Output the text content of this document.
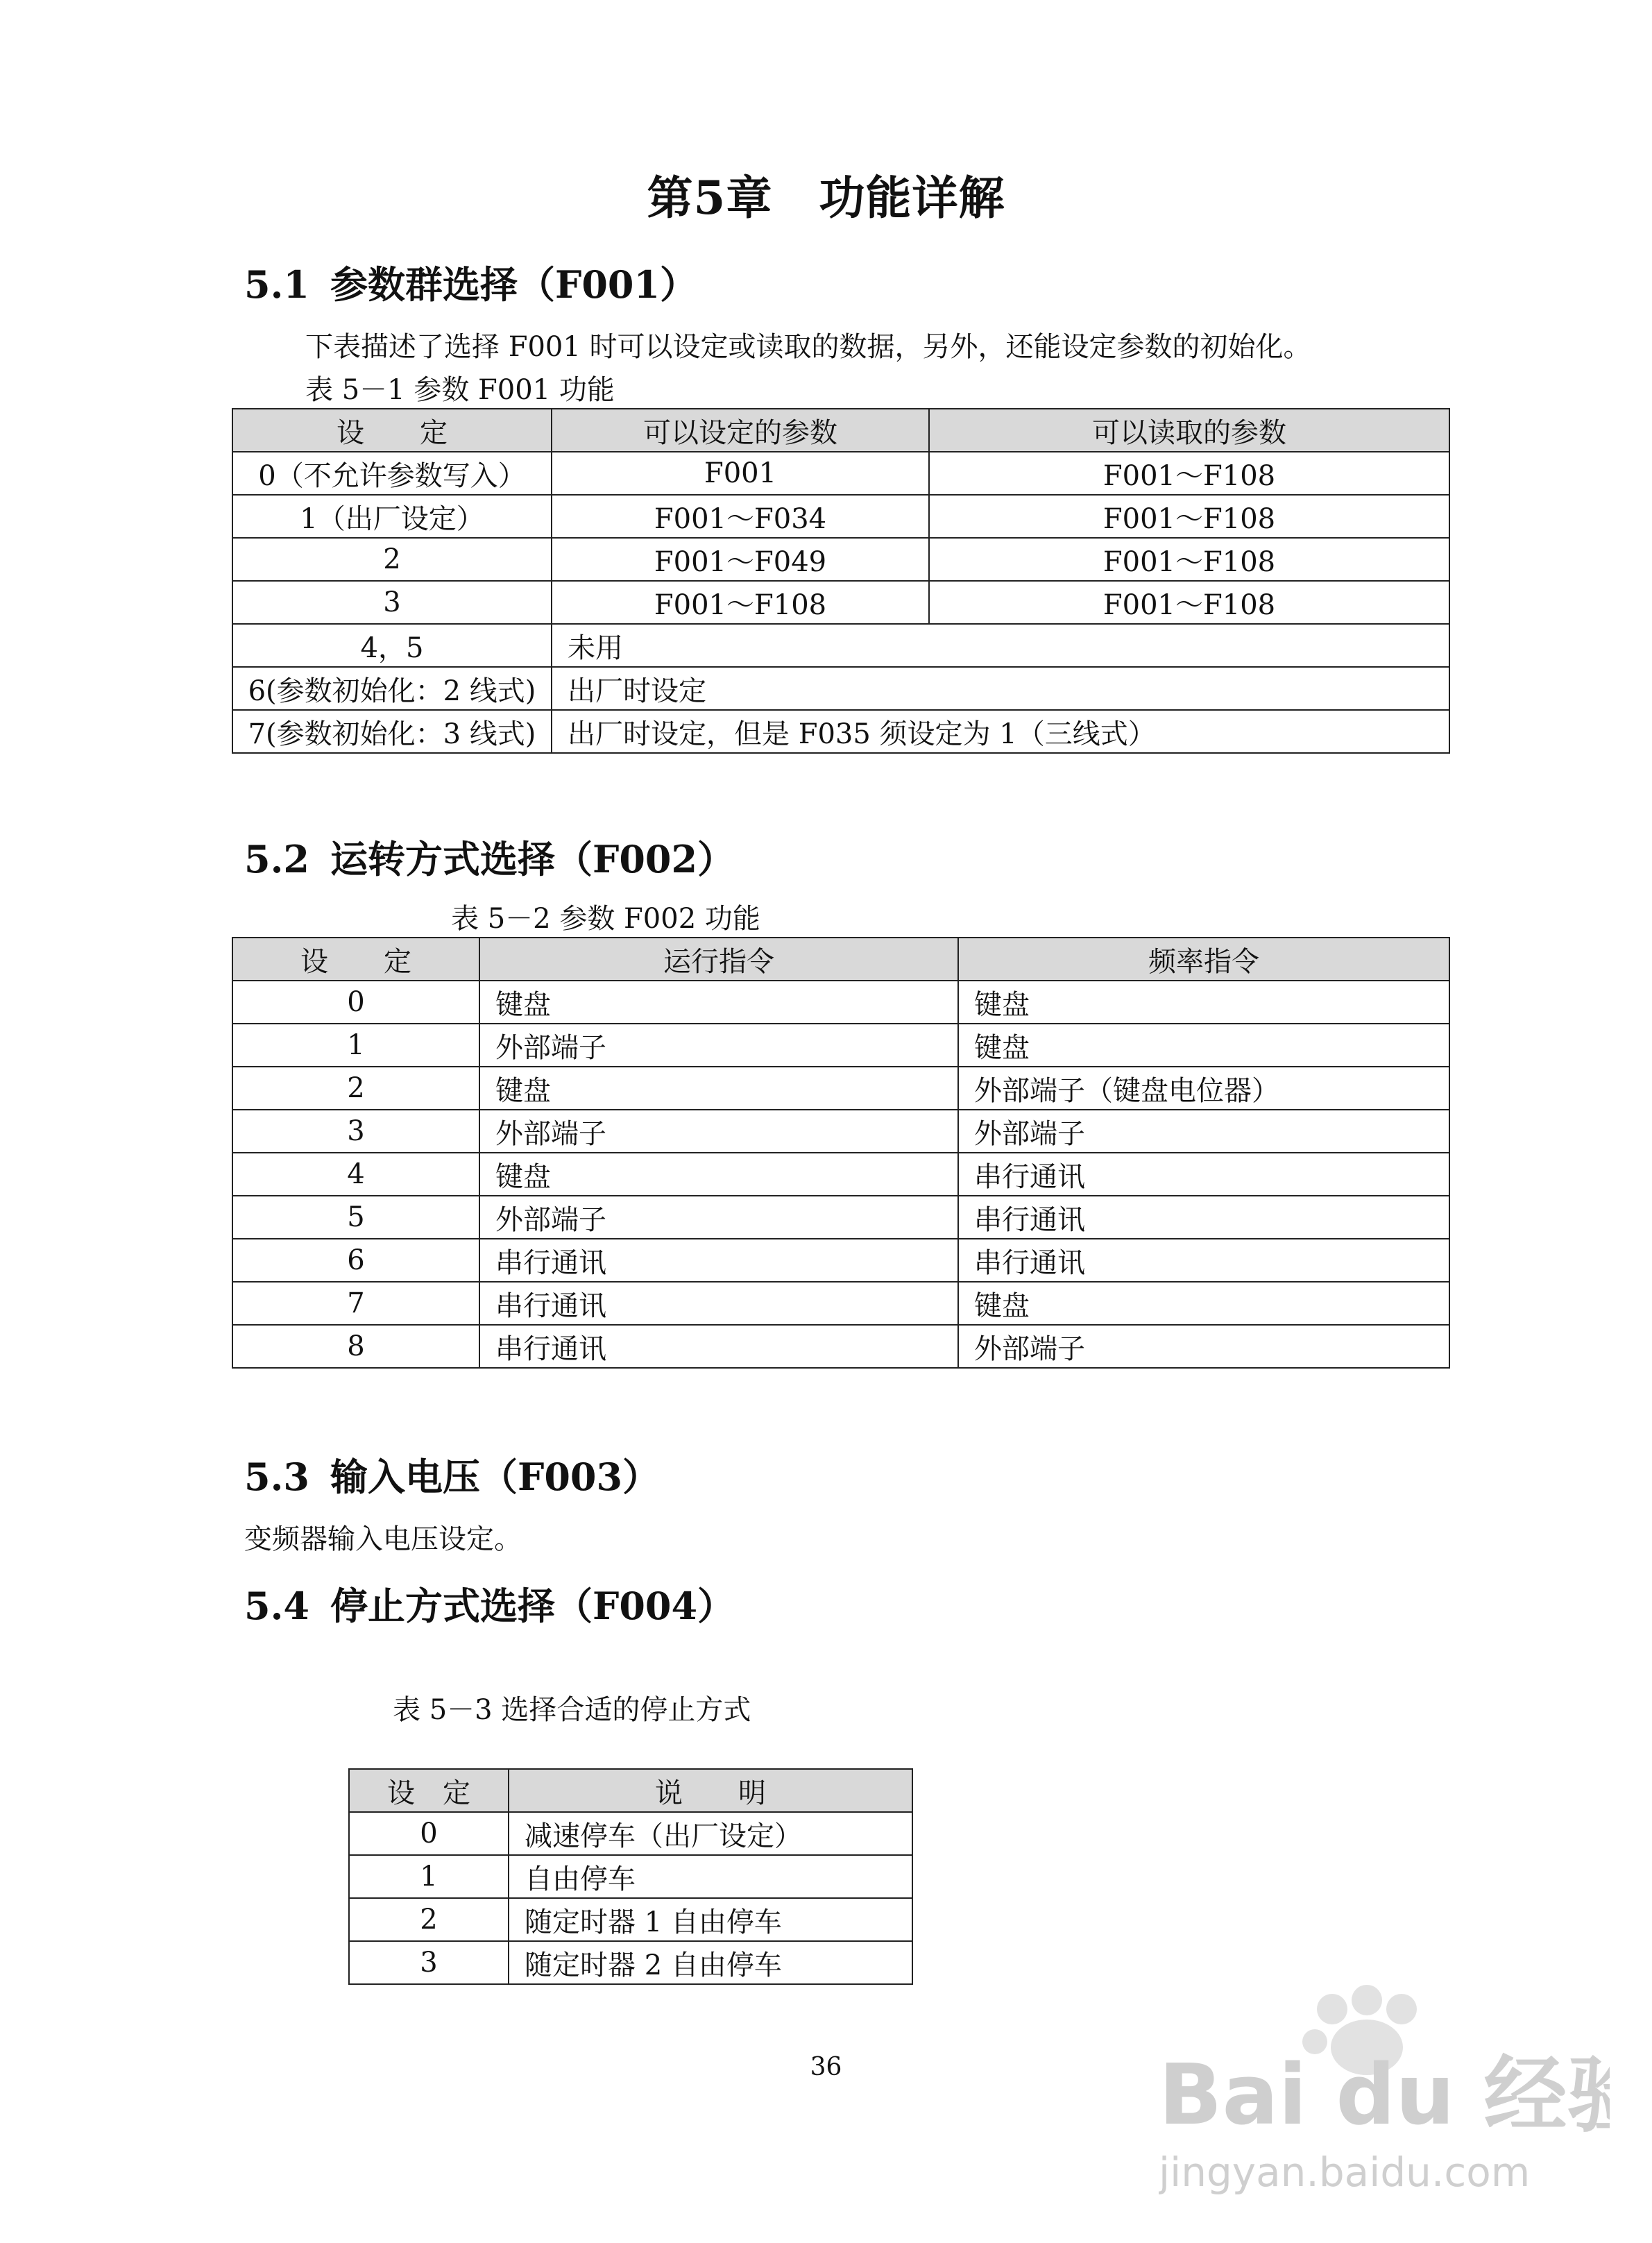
第5章　功能详解
5.1 参数群选择（F001）
下表描述了选择 F001 时可以设定或读取的数据，另外，还能设定参数的初始化。
表 5－1 参数 F001 功能
设　　定	可以设定的参数	可以读取的参数
0（不允许参数写入）	F001	F001～F108
1（出厂设定）	F001～F034	F001～F108
2	F001～F049	F001～F108
3	F001～F108	F001～F108
4，5	未用	
6(参数初始化：2 线式)	出厂时设定	
7(参数初始化：3 线式)	出厂时设定，但是 F035 须设定为 1（三线式）	
5.2 运转方式选择（F002）
表 5－2 参数 F002 功能
设　　定	运行指令	频率指令
0	键盘	键盘
1	外部端子	键盘
2	键盘	外部端子（键盘电位器）
3	外部端子	外部端子
4	键盘	串行通讯
5	外部端子	串行通讯
6	串行通讯	串行通讯
7	串行通讯	键盘
8	串行通讯	外部端子
5.3 输入电压（F003）
变频器输入电压设定。
5.4 停止方式选择（F004）
表 5－3 选择合适的停止方式
设　定	说　　明
0	减速停车（出厂设定）
1	自由停车
2	随定时器 1 自由停车
3	随定时器 2 自由停车
36	Bai du 经验
jingyan.baidu.com
